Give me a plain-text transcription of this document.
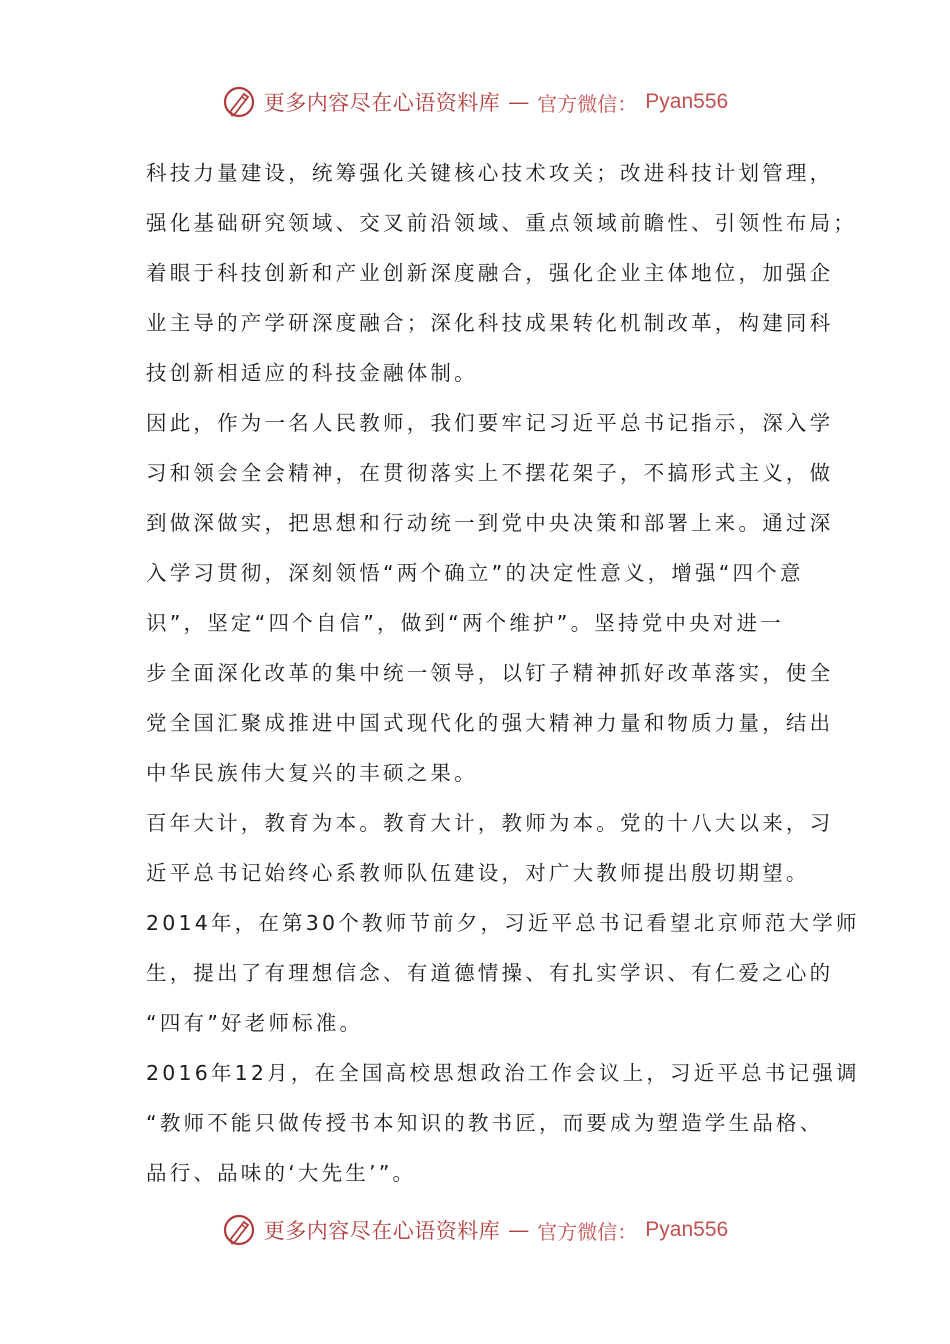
更多内容尽在心语资料库 — 官方微信： Pyan556
科技力量建设，统筹强化关键核心技术攻关；改进科技计划管理，
强化基础研究领域、交叉前沿领域、重点领域前瞻性、引领性布局；
着眼于科技创新和产业创新深度融合，强化企业主体地位，加强企
业主导的产学研深度融合；深化科技成果转化机制改革，构建同科
技创新相适应的科技金融体制。
因此，作为一名人民教师，我们要牢记习近平总书记指示，深入学
习和领会全会精神，在贯彻落实上不摆花架子，不搞形式主义，做
到做深做实，把思想和行动统一到党中央决策和部署上来。通过深
入学习贯彻，深刻领悟“两个确立”的决定性意义，增强“四个意
识”，坚定“四个自信”，做到“两个维护”。坚持党中央对进一
步全面深化改革的集中统一领导，以钉子精神抓好改革落实，使全
党全国汇聚成推进中国式现代化的强大精神力量和物质力量，结出
中华民族伟大复兴的丰硕之果。
百年大计，教育为本。教育大计，教师为本。党的十八大以来，习
近平总书记始终心系教师队伍建设，对广大教师提出殷切期望。
2014年，在第30个教师节前夕，习近平总书记看望北京师范大学师
生，提出了有理想信念、有道德情操、有扎实学识、有仁爱之心的
“四有”好老师标准。
2016年12月，在全国高校思想政治工作会议上，习近平总书记强调
“教师不能只做传授书本知识的教书匠，而要成为塑造学生品格、
品行、品味的‘大先生’”。
更多内容尽在心语资料库 — 官方微信： Pyan556
